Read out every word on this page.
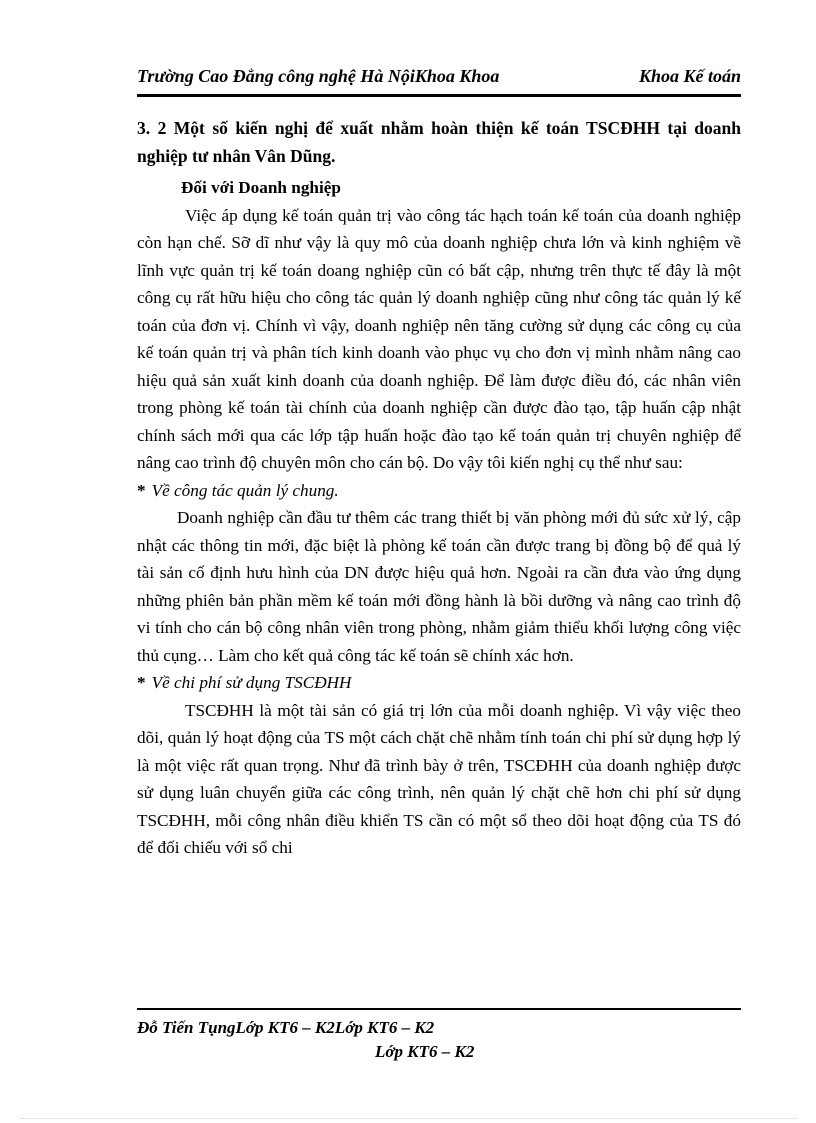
Trường Cao Đẳng công nghệ Hà NộiKhoa Khoa	Khoa Kế toán

3. 2 Một số kiến nghị để xuất nhằm hoàn thiện kế toán TSCĐHH tại doanh nghiệp tư nhân Vân Dũng.

Đối với Doanh nghiệp

Việc áp dụng kế toán quản trị vào công tác hạch toán kế toán của doanh nghiệp còn hạn chế. Sỡ dĩ như vậy là quy mô của doanh nghiệp chưa lớn và kinh nghiệm về lĩnh vực quản trị kế toán doang nghiệp cũn có bất cập, nhưng trên thực tế đây là một công cụ rất hữu hiệu cho công tác quản lý doanh nghiệp cũng như công tác quản lý kế toán của đơn vị. Chính vì vậy, doanh nghiệp nên tăng cường sử dụng các công cụ của kế toán quản trị và phân tích kinh doanh vào phục vụ cho đơn vị mình nhằm nâng cao hiệu quả sản xuất kinh doanh của doanh nghiệp. Để làm được điều đó, các nhân viên trong phòng kế toán tài chính của doanh nghiệp cần được đào tạo, tập huấn cập nhật chính sách mới qua các lớp tập huấn hoặc đào tạo kế toán quản trị chuyên nghiệp để nâng cao trình độ chuyên môn cho cán bộ. Do vậy tôi kiến nghị cụ thể như sau:

* Về công tác quản lý chung.

Doanh nghiệp cần đầu tư thêm các trang thiết bị văn phòng mới đủ sức xử lý, cập nhật các thông tin mới, đặc biệt là phòng kế toán cần được trang bị đồng bộ để quả lý tài sản cố định hưu hình của DN được hiệu quả hơn. Ngoài ra cần đưa vào ứng dụng những phiên bản phần mềm kế toán mới đồng hành là bồi dưỡng và nâng cao trình độ vi tính cho cán bộ công nhân viên trong phòng, nhằm giảm thiểu khối lượng công việc thủ cụng… Làm cho kết quả công tác kế toán sẽ chính xác hơn.

* Về chi phí sử dụng TSCĐHH

TSCĐHH là một tài sản có giá trị lớn của mỗi doanh nghiệp. Vì vậy việc theo dõi, quản lý hoạt động của TS một cách chặt chẽ nhằm tính toán chi phí sử dụng hợp lý là một việc rất quan trọng. Như đã trình bày ở trên, TSCĐHH của doanh nghiệp được sử dụng luân chuyển giữa các công trình, nên quản lý chặt chẽ hơn chi phí sử dụng TSCĐHH, mỗi công nhân điều khiển TS cần có một sổ theo dõi hoạt động của TS đó để đối chiếu với sổ chi

Đỗ Tiến TụngLớp KT6 – K2Lớp KT6 – K2
Lớp KT6 – K2
